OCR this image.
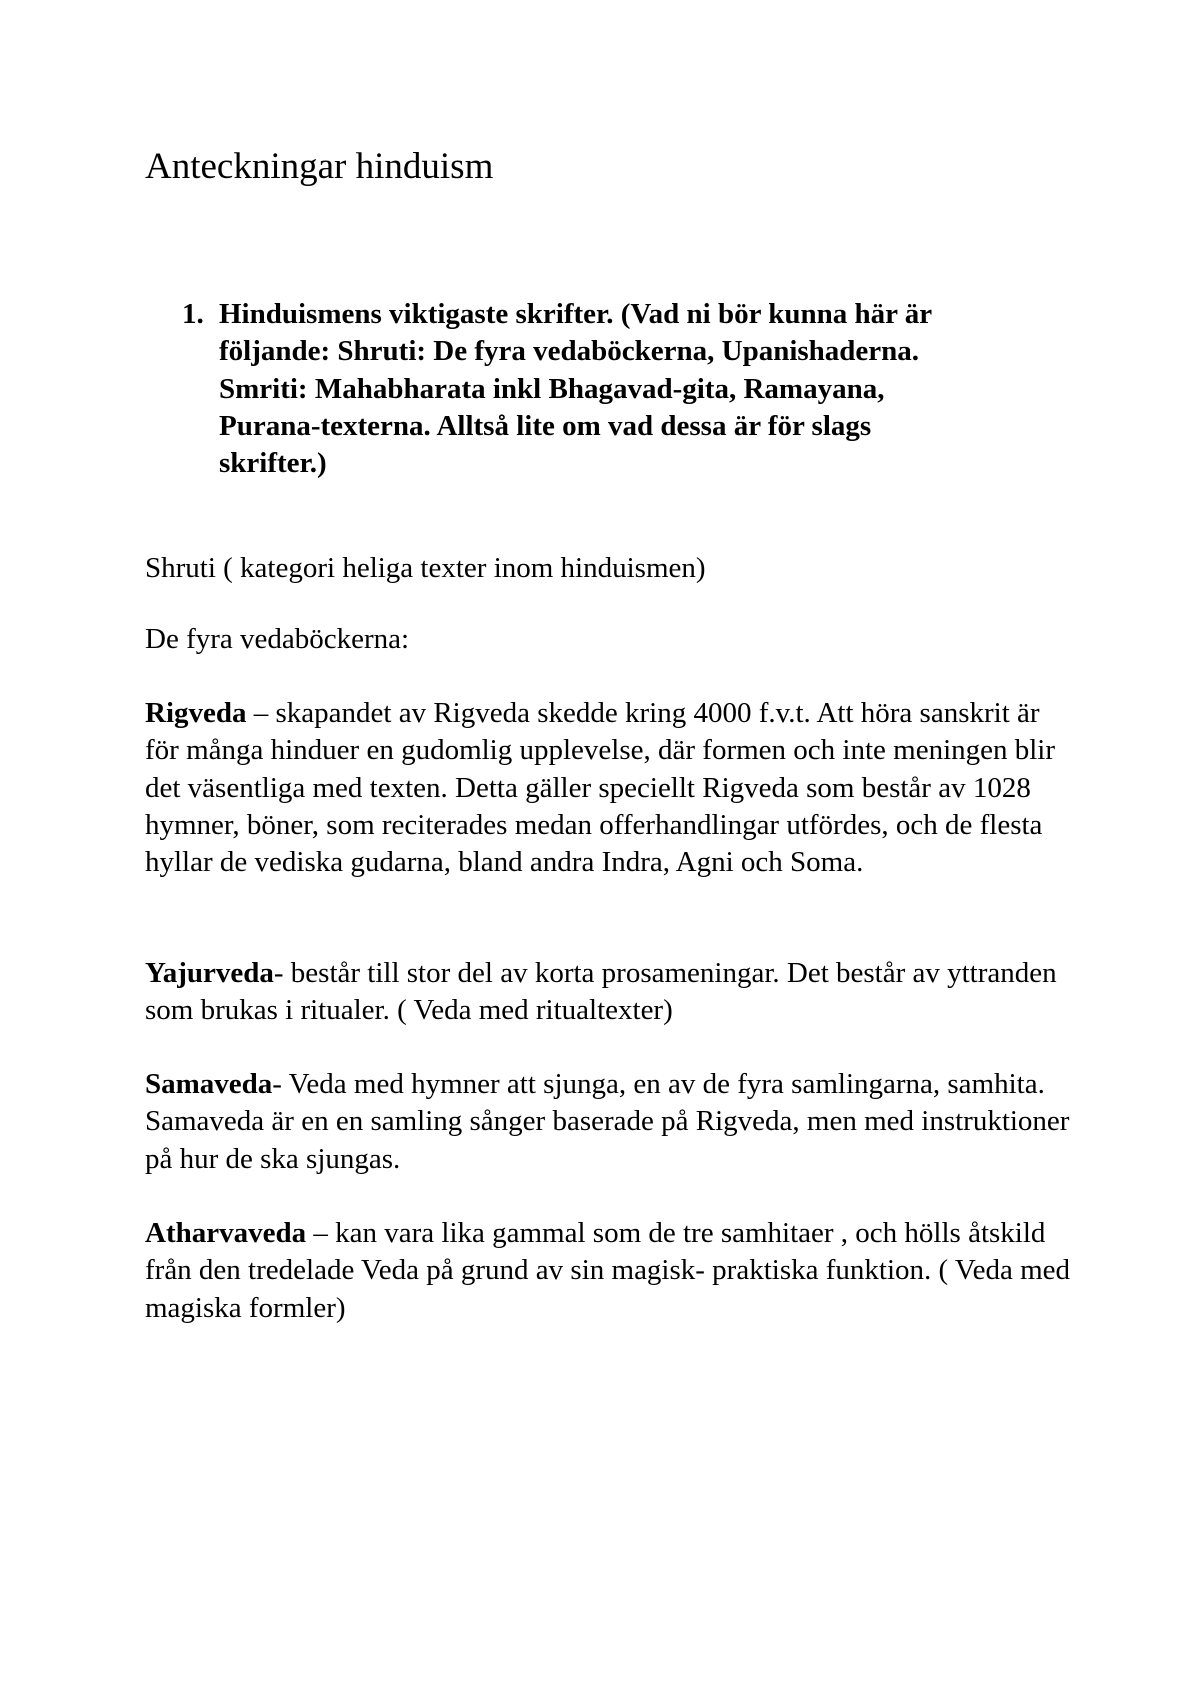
Anteckningar hinduism
1. Hinduismens viktigaste skrifter. (Vad ni bör kunna här är följande: Shruti: De fyra vedaböckerna, Upanishaderna. Smriti: Mahabharata inkl Bhagavad-gita, Ramayana, Purana-texterna. Alltså lite om vad dessa är för slags skrifter.)

Shruti ( kategori heliga texter inom hinduismen)

De fyra vedaböckerna:

Rigveda – skapandet av Rigveda skedde kring 4000 f.v.t. Att höra sanskrit är för många hinduer en gudomlig upplevelse, där formen och inte meningen blir det väsentliga med texten. Detta gäller speciellt Rigveda som består av 1028 hymner, böner, som reciterades medan offerhandlingar utfördes, och de flesta hyllar de vediska gudarna, bland andra Indra, Agni och Soma.

Yajurveda- består till stor del av korta prosameningar. Det består av yttranden som brukas i ritualer. ( Veda med ritualtexter)

Samaveda- Veda med hymner att sjunga, en av de fyra samlingarna, samhita. Samaveda är en en samling sånger baserade på Rigveda, men med instruktioner på hur de ska sjungas.

Atharvaveda – kan vara lika gammal som de tre samhitaer , och hölls åtskild från den tredelade Veda på grund av sin magisk- praktiska funktion. ( Veda med magiska formler)
